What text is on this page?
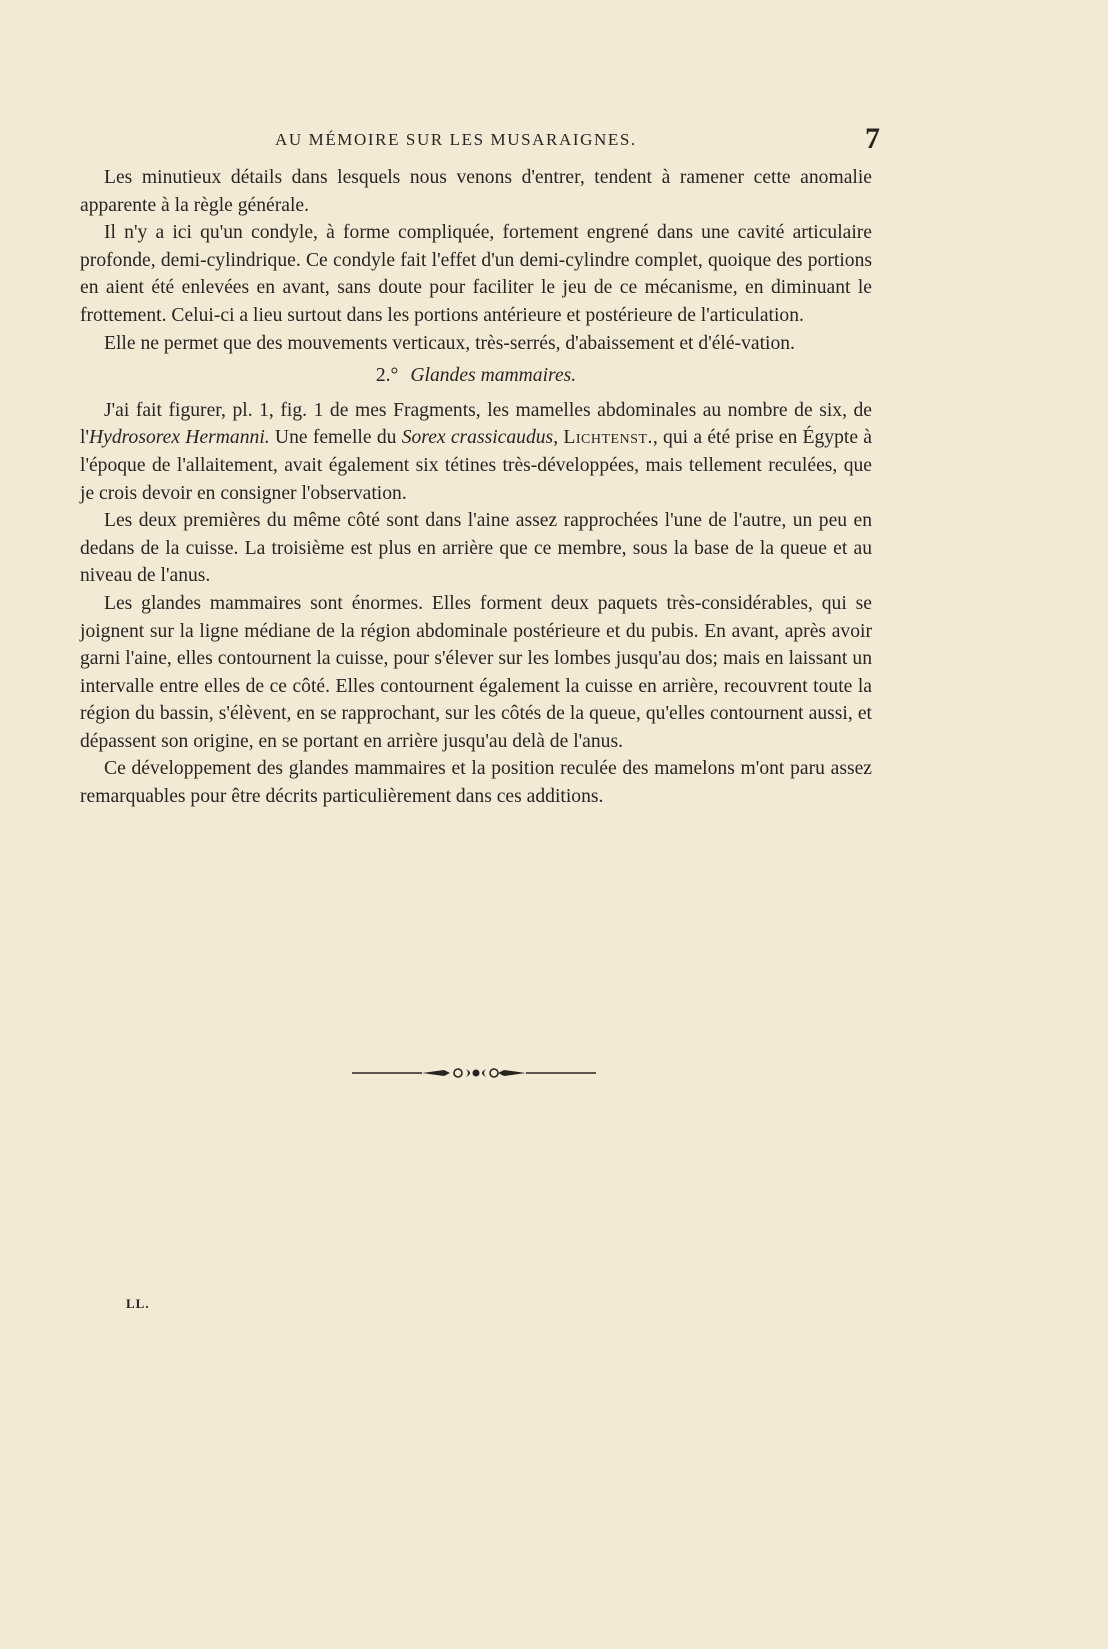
AU MÉMOIRE SUR LES MUSARAIGNES.	7

Les minutieux détails dans lesquels nous venons d'entrer, tendent à ramener cette anomalie apparente à la règle générale.

Il n'y a ici qu'un condyle, à forme compliquée, fortement engrené dans une cavité articulaire profonde, demi-cylindrique. Ce condyle fait l'effet d'un demi-cylindre complet, quoique des portions en aient été enlevées en avant, sans doute pour faciliter le jeu de ce mécanisme, en diminuant le frottement. Celui-ci a lieu surtout dans les portions antérieure et postérieure de l'articulation.

Elle ne permet que des mouvements verticaux, très-serrés, d'abaissement et d'élé-vation.

2.° Glandes mammaires.

J'ai fait figurer, pl. 1, fig. 1 de mes Fragments, les mamelles abdominales au nombre de six, de l'Hydrosorex Hermanni. Une femelle du Sorex crassicaudus, Lichtenst., qui a été prise en Égypte à l'époque de l'allaitement, avait également six tétines très-développées, mais tellement reculées, que je crois devoir en consigner l'observation.

Les deux premières du même côté sont dans l'aine assez rapprochées l'une de l'autre, un peu en dedans de la cuisse. La troisième est plus en arrière que ce membre, sous la base de la queue et au niveau de l'anus.

Les glandes mammaires sont énormes. Elles forment deux paquets très-considérables, qui se joignent sur la ligne médiane de la région abdominale postérieure et du pubis. En avant, après avoir garni l'aine, elles contournent la cuisse, pour s'élever sur les lombes jusqu'au dos; mais en laissant un intervalle entre elles de ce côté. Elles contournent également la cuisse en arrière, recouvrent toute la région du bassin, s'élèvent, en se rapprochant, sur les côtés de la queue, qu'elles contournent aussi, et dépassent son origine, en se portant en arrière jusqu'au delà de l'anus.

Ce développement des glandes mammaires et la position reculée des mamelons m'ont paru assez remarquables pour être décrits particulièrement dans ces additions.

LL.
